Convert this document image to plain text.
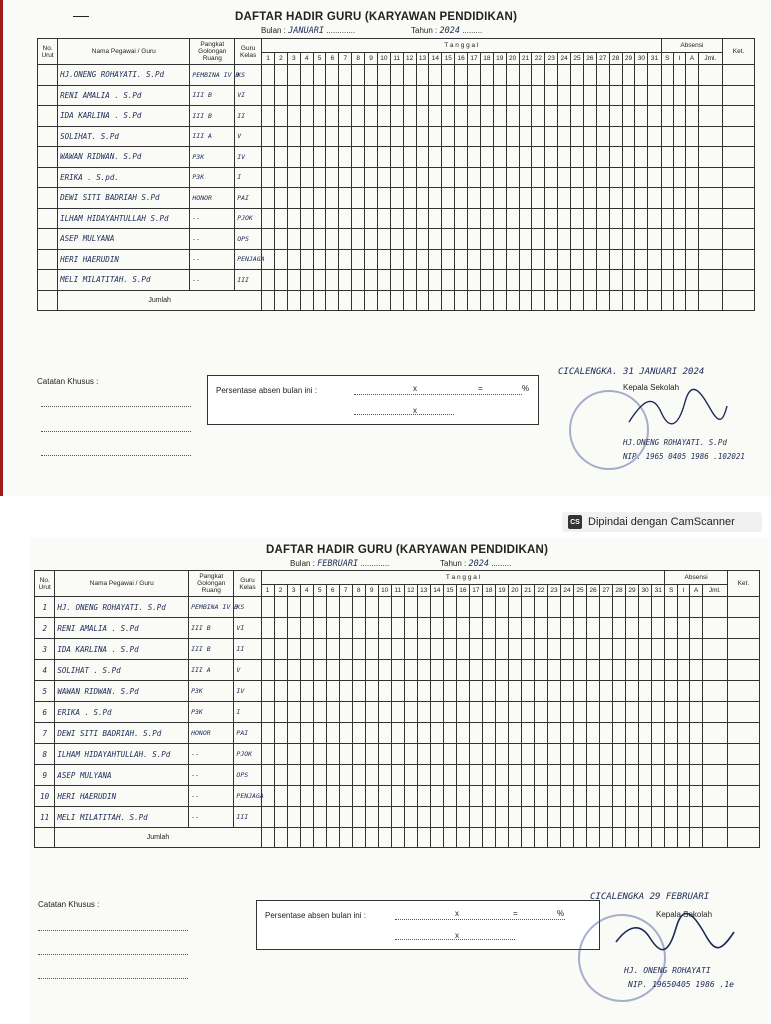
DAFTAR HADIR GURU (KARYAWAN PENDIDIKAN)
Bulan : JANUARI .............	Tahun : 2024 .........
No. Urut	Nama Pegawai / Guru	Pangkat Golongan Ruang	Guru Kelas	T a n g g a l																															Absensi				Ket.
				1	2	3	4	5	6	7	8	9	10	11	12	13	14	15	16	17	18	19	20	21	22	23	24	25	26	27	28	29	30	31	S	I	A	Jml.	
	HJ.ONENG ROHAYATI. S.Pd	PEMBINA IV B	KS																																				
	RENI AMALIA . S.Pd	III B	VI																																				
	IDA KARLINA . S.Pd	III B	II																																				
	SOLIHAT. S.Pd	III A	V																																				
	WAWAN RIDWAN. S.Pd	P3K	IV																																				
	ERIKA . S.pd.	P3K	I																																				
	DEWI SITI BADRIAH S.Pd	HONOR	PAI																																				
	ILHAM HIDAYAHTULLAH S.Pd	--	PJOK																																				
	ASEP MULYANA	--	OPS																																				
	HERI HAERUDIN	--	PENJAGA																																				
	MELI MILATITAH. S.Pd	--	III																																				
	Jumlah																																						
Catatan Khusus :
Persentase absen bulan ini :	x	=	%
x
CICALENGKA. 31 JANUARI 2024
Kepala Sekolah
HJ.ONENG ROHAYATI. S.Pd
NIP. 1965 0405 1986 .102021
CS Dipindai dengan CamScanner
DAFTAR HADIR GURU (KARYAWAN PENDIDIKAN)
Bulan : FEBRUARI .............	Tahun : 2024 .........
No. Urut	Nama Pegawai / Guru	Pangkat Golongan Ruang	Guru Kelas	T a n g g a l																															Absensi				Ket.
				1	2	3	4	5	6	7	8	9	10	11	12	13	14	15	16	17	18	19	20	21	22	23	24	25	26	27	28	29	30	31	S	I	A	Jml.	
1	HJ. ONENG ROHAYATI. S.Pd	PEMBINA IV B	KS																																				
2	RENI AMALIA . S.Pd	III B	VI																																				
3	IDA KARLINA . S.Pd	III B	II																																				
4	SOLIHAT . S.Pd	III A	V																																				
5	WAWAN RIDWAN. S.Pd	P3K	IV																																				
6	ERIKA . S.Pd	P3K	I																																				
7	DEWI SITI BADRIAH. S.Pd	HONOR	PAI																																				
8	ILHAM HIDAYAHTULLAH. S.Pd	--	PJOK																																				
9	ASEP MULYANA	--	OPS																																				
10	HERI HAERUDIN	--	PENJAGA																																				
11	MELI MILATITAH. S.Pd	--	III																																				
	Jumlah																																						
Catatan Khusus :
Persentase absen bulan ini :	x	=	%
x
CICALENGKA 29 FEBRUARI
Kepala Sekolah
HJ. ONENG ROHAYATI
NIP. 19650405 1986 .1e
